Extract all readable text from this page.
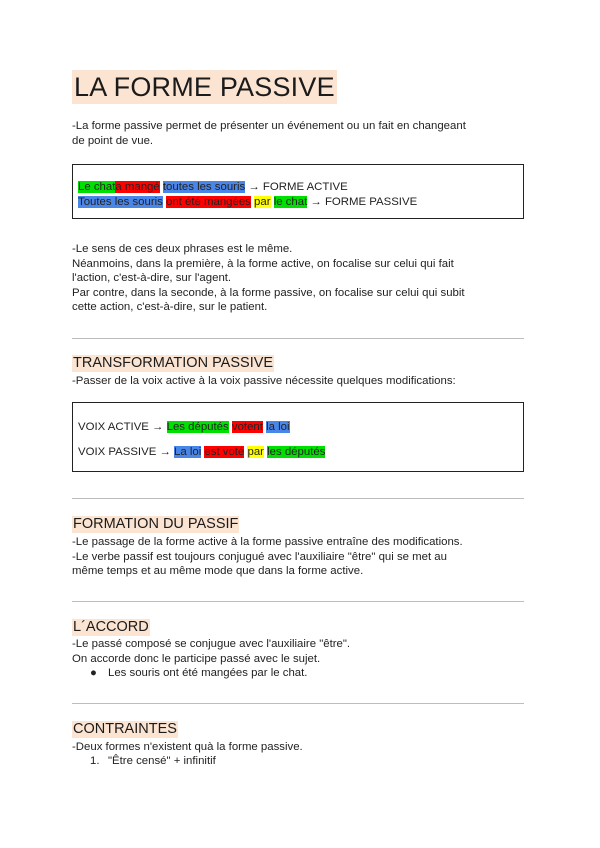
LA FORME PASSIVE
-La forme passive permet de présenter un événement ou un fait en changeant
de point de vue.
Le chata mangé toutes les souris → FORME ACTIVE
Toutes les souris ont été mangées par le chat → FORME PASSIVE
-Le sens de ces deux phrases est le même.
Néanmoins, dans la première, à la forme active, on focalise sur celui qui fait
l'action, c'est-à-dire, sur l'agent.
Par contre, dans la seconde, à la forme passive, on focalise sur celui qui subit
cette action, c'est-à-dire, sur le patient.
TRANSFORMATION PASSIVE
-Passer de la voix active à la voix passive nécessite quelques modifications:
VOIX ACTIVE → Les députés votent la loi
VOIX PASSIVE → La loi est voté par les députés
FORMATION DU PASSIF
-Le passage de la forme active à la forme passive entraîne des modifications.
-Le verbe passif est toujours conjugué avec l'auxiliaire "être" qui se met au
même temps et au même mode que dans la forme active.
L´ACCORD
-Le passé composé se conjugue avec l'auxiliaire "être".
On accorde donc le participe passé avec le sujet.
● Les souris ont été mangées par le chat.
CONTRAINTES
-Deux formes n'existent quà la forme passive.
1. "Être censé" + infinitif
